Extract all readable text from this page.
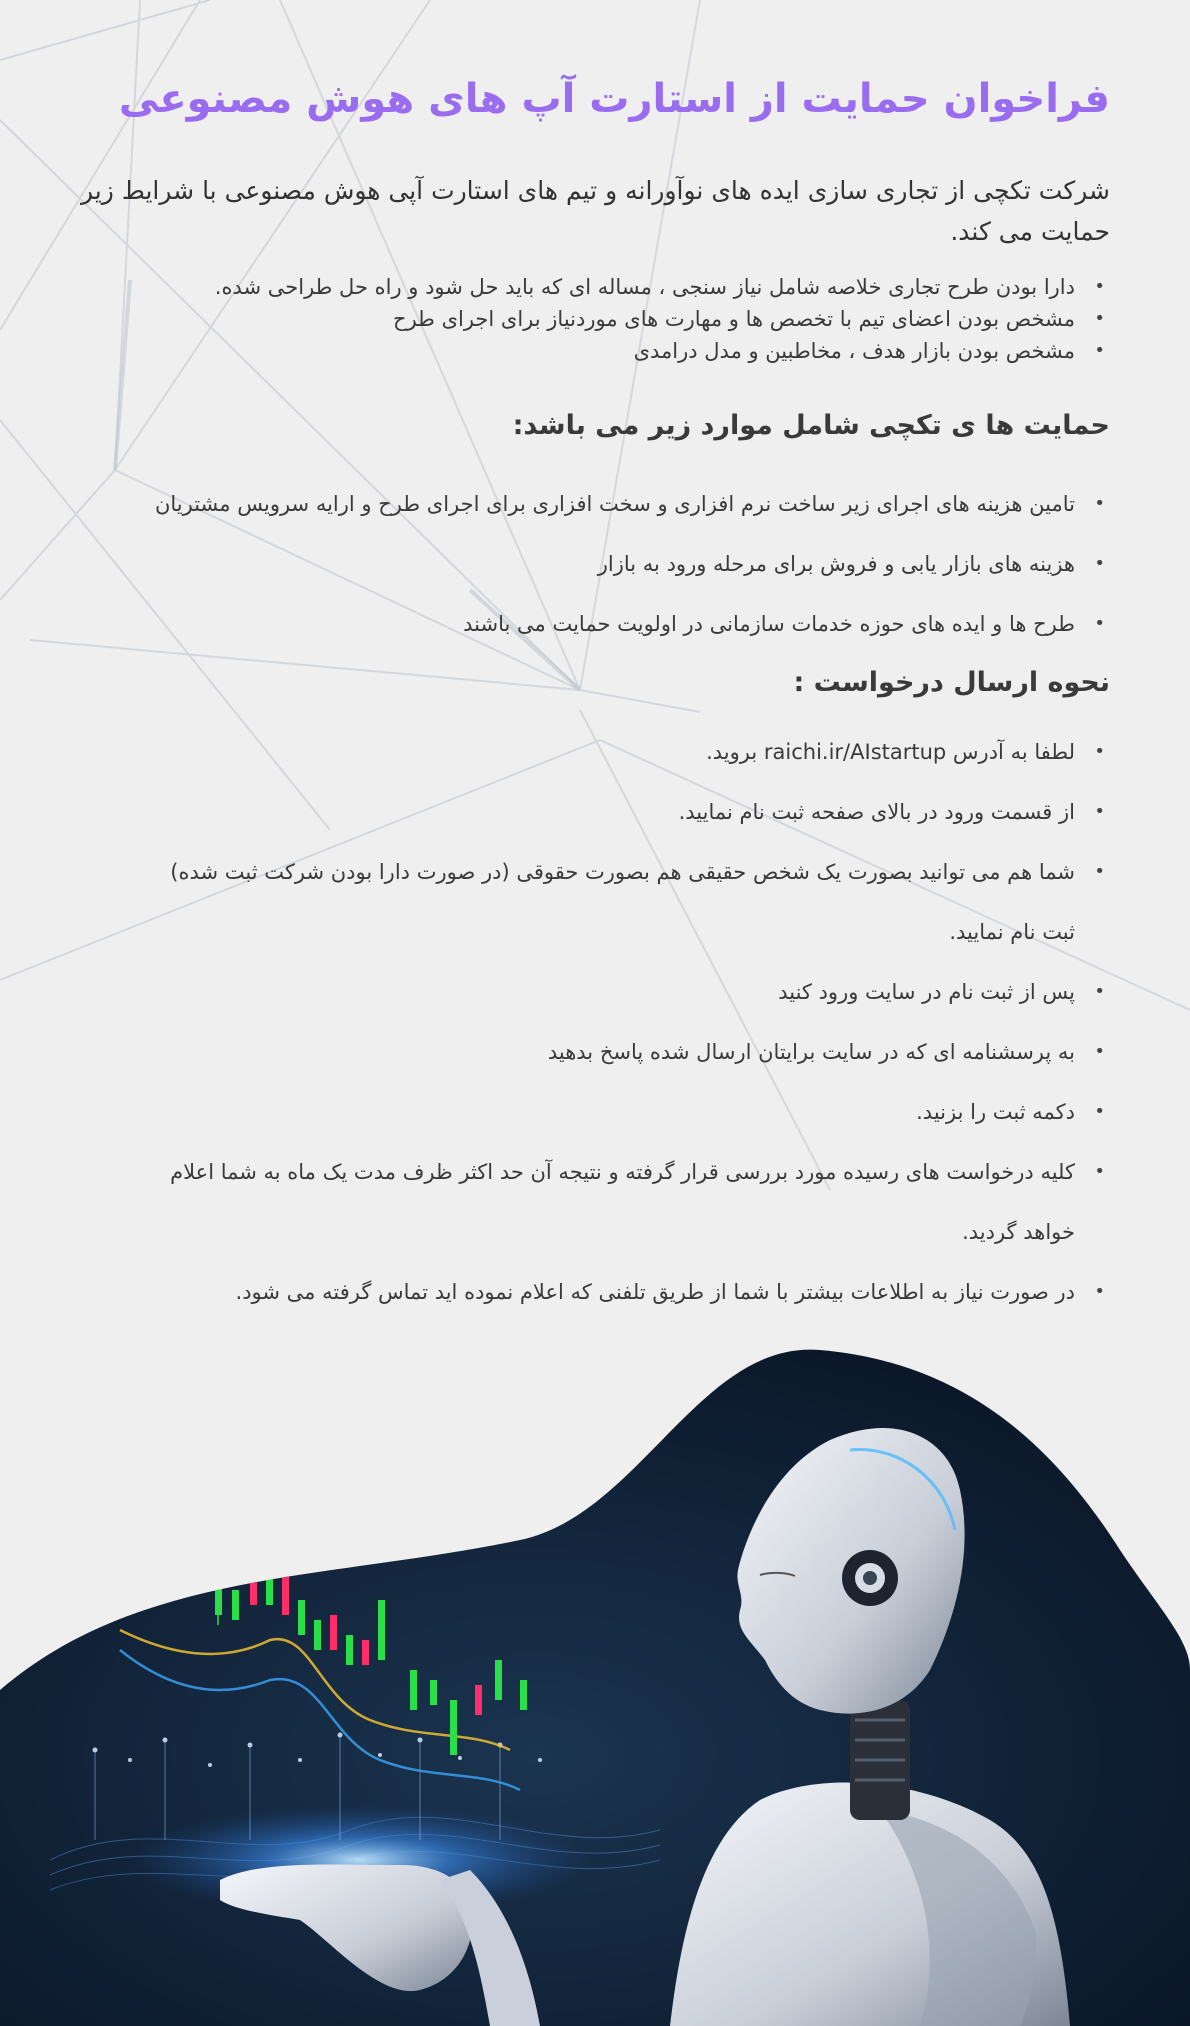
فراخوان حمایت از استارت آپ های هوش مصنوعی

شرکت تکچی از تجاری سازی ایده های نوآورانه و تیم های استارت آپی هوش مصنوعی با شرایط زیر حمایت می کند.

•
دارا بودن طرح تجاری خلاصه شامل نیاز سنجی ، مساله ای که باید حل شود و راه حل طراحی شده.
•
مشخص بودن اعضای تیم با تخصص ها و مهارت های موردنیاز برای اجرای طرح
•
مشخص بودن بازار هدف ، مخاطبین و مدل درامدی
حمایت ها ی تکچی شامل موارد زیر می باشد:
•
تامین هزینه های اجرای زیر ساخت نرم افزاری و سخت افزاری برای اجرای طرح و ارایه سرویس مشتریان
•
هزینه های بازار یابی و فروش برای مرحله ورود به بازار
•
طرح ها و ایده های حوزه خدمات سازمانی در اولویت حمایت می باشند
نحوه ارسال درخواست :
•
لطفا به آدرس raichi.ir/AIstartup بروید.
•
از قسمت ورود در بالای صفحه ثبت نام نمایید.
•
شما هم می توانید بصورت یک شخص حقیقی هم بصورت حقوقی (در صورت دارا بودن شرکت ثبت شده)
ثبت نام نمایید.
•
پس از ثبت نام در سایت ورود کنید
•
به پرسشنامه ای که در سایت برایتان ارسال شده پاسخ بدهید
•
دکمه ثبت را بزنید.
•
کلیه درخواست های رسیده مورد بررسی قرار گرفته و نتیجه آن حد اکثر ظرف مدت یک ماه به شما اعلام
خواهد گردید.
•
در صورت نیاز به اطلاعات بیشتر با شما از طریق تلفنی که اعلام نموده اید تماس گرفته می شود.
